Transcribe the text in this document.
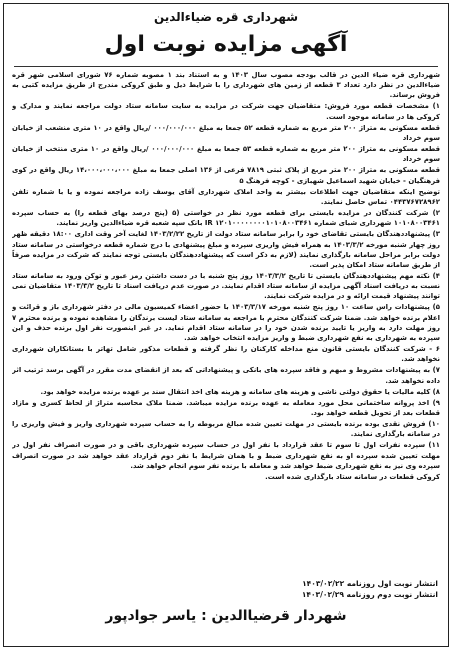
شهرداری قره ضیاءالدین
آگهی مزایده نوبت اول

شهرداری قره ضیاء الدین در قالب بودجه مصوب سال ۱۴۰۳ و به استناد بند ۱ مصوبه شماره ۷۶ شورای اسلامی شهر قره ضیاءالدین در نظر دارد تعداد ۳ قطعه از زمین های شهرداری را با شرایط ذیل و طبق کروکی مندرج از طریق مزایده کتبی به فروش برساند.

۱) مشخصات قطعه مورد فروش: متقاضیان جهت شرکت در مزایده به سایت سامانه ستاد دولت مراجعه نمایند و مدارک و کروکی ها در سامانه موجود است.

قطعه مسکونی به متراژ ۲۰۰ متر مربع به شماره قطعه ۵۲ جمعا به مبلغ ۰۰۰/۰۰۰/۰۰۰ /ریال واقع در ۱۰ متری منشعب از خیابان سوم خرداد

قطعه مسکونی به متراژ ۲۰۰ متر مربع به شماره قطعه ۵۳ جمعا به مبلغ ۰۰۰/۰۰۰/۰۰۰ /ریال واقع در ۱۰ متری منتخب از خیابان سوم خرداد

قطعه مسکونی به متراژ ۲۰۰ متر مربع از پلاک ثبتی ۷۸۱۹ فرعی از ۱۳۶ اصلی جمعا به مبلغ ۱۴،۰۰۰،۰۰۰،۰۰۰ ریال واقع در کوی فرهنگیان - خیابان شهید اسماعیل شهبازی - کوچه فرهنگ ۵

توضیح اینکه متقاضیان جهت اطلاعات بیشتر به واحد املاک شهرداری آقای یوسف زاده مراجعه نموده و یا با شماره تلفن ۰۴۴۳۷۶۷۲۸۹۶۲ تماس حاصل نمایند.

۲) شرکت کنندگان در مزایده بایستی برای قطعه مورد نظر در خواستی (۵ (پنج درصد بهای قطعه را) به حساب سپرده ۱۰۱۰۸۰۰۳۴۶۱ شهرداری شبای شماره IR ۱۲۰۱۰۰۰۰۰۰۰۰۱۰۱۰۸۰۰۳۴۶۱ بانک سپه شعبه قره ضیاءالدین واریز نمایند.

۳) پیشنهاددهندگان بایستی تقاضای خود را برابر سامانه ستاد دولت از تاریخ ۱۴۰۳/۲/۲۲ لغایت آخر وقت اداری ۱۸:۰۰ دقیقه ظهر روز چهار شنبه مورخه ۱۴۰۳/۳/۲ به همراه فیش واریزی سپرده و مبلغ پیشنهادی با درج شماره قطعه درخواستی در سامانه ستاد دولت برابر مراحل سامانه بارگذاری نمایند (لازم به ذکر است که پیشنهاددهندگان بایستی توجه نمایند که شرکت در مزایده صرفاً از طریق سامانه ستاد امکان پذیر است.

۴) نکته مهم پیشنهاددهندگان بایستی تا تاریخ ۱۴۰۳/۳/۲ روز پنج شنبه با در دست داشتن رمز عبور و توکن ورود به سامانه ستاد نسبت به دریافت اسناد آگهی مزایده از سامانه ستاد اقدام نمایند. در صورت عدم دریافت اسناد تا تاریخ ۱۴۰۳/۳/۲ متقاضیان نمی توانند پیشنهاد قیمت ارائه و در مزایده شرکت نمایند.

۵) پیشنهادات راس ساعت ۱۰ روز پنج شنبه مورخه ۱۴۰۳/۳/۱۷ با حضور اعضاء کمیسیون مالی در دفتر شهرداری باز و قرائت و اعلام برنده خواهد شد. ضمنا شرکت کنندگان محترم با مراجعه به سامانه ستاد لیست برندگان را مشاهده نموده و برنده محترم ۷ روز مهلت دارد به واریز یا تایید برنده شدن خود را در سامانه ستاد اقدام نماید. در غیر اینصورت نفر اول برنده حذف و این سپرده به شهرداری به نفع شهرداری ضبط و واریز مزایده انتخاب خواهد شد.

۶ - شرکت کنندگان بایستی قانون منع مداخله کارکنان را نظر گرفته و قطعات مذکور شامل تهاتر با بستانکاران شهرداری نخواهد شد.

۷) به پیشنهادات مشروط و مبهم و فاقد سپرده های بانکی و پیشنهاداتی که بعد از انقضای مدت مقرر در آگهی برسد ترتیب اثر داده نخواهد شد.

۸) کلیه مالیات یا حقوق دولتی ناشی و هزینه های سامانه و هزینه های اخذ انتقال سند بر عهده برنده مزایده خواهد بود.

۹) اخذ پروانه ساختمانی محل مورد معامله به عهده برنده مزایده میباشد. ضمنا ملاک محاسبه متراژ از لحاظ کسری و مازاد قطعات بعد از تحویل قطعه خواهد بود.

۱۰) فروش نقدی بوده برنده بایستی در مهلت تعیین شده مبالغ مربوطه را به حساب سپرده شهرداری واریز و فیش واریزی را در سامانه بارگذاری نمایند.

۱۱) سپرده نفرات اول تا سوم تا عقد قرارداد با نفر اول در حساب سپرده شهرداری باقی و در صورت انصراف نفر اول در مهلت تعیین شده سپرده او به نفع شهرداری ضبط و با همان شرایط با نفر دوم قرارداد عقد خواهد شد در صورت انصراف سپرده وی نیز به نفع شهرداری ضبط خواهد شد و معامله با برنده نفر سوم انجام خواهد شد.

کروکی قطعات در سامانه ستاد بارگذاری شده است.

انتشار نوبت اول روزنامه ۱۴۰۳/۰۲/۲۲
انتشار نوبت دوم روزنامه ۱۴۰۳/۰۲/۲۹
شهردار قرضیاالدین : یاسر جوادپور
